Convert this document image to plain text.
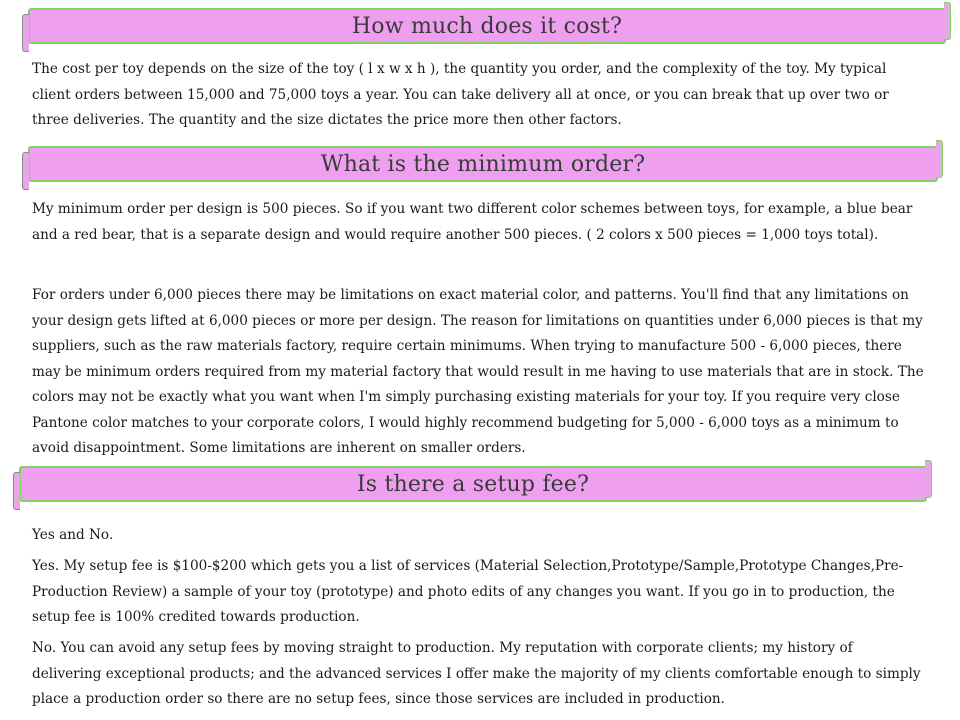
How much does it cost?

The cost per toy depends on the size of the toy ( l x w x h ), the quantity you order, and the complexity of the toy. My typical client orders between 15,000 and 75,000 toys a year. You can take delivery all at once, or you can break that up over two or three deliveries. The quantity and the size dictates the price more then other factors.

What is the minimum order?

My minimum order per design is 500 pieces. So if you want two different color schemes between toys, for example, a blue bear and a red bear, that is a separate design and would require another 500 pieces. ( 2 colors x 500 pieces = 1,000 toys total).

For orders under 6,000 pieces there may be limitations on exact material color, and patterns. You'll find that any limitations on your design gets lifted at 6,000 pieces or more per design. The reason for limitations on quantities under 6,000 pieces is that my suppliers, such as the raw materials factory, require certain minimums. When trying to manufacture 500 - 6,000 pieces, there may be minimum orders required from my material factory that would result in me having to use materials that are in stock. The colors may not be exactly what you want when I'm simply purchasing existing materials for your toy. If you require very close Pantone color matches to your corporate colors, I would highly recommend budgeting for 5,000 - 6,000 toys as a minimum to avoid disappointment. Some limitations are inherent on smaller orders.

Is there a setup fee?

Yes and No.

Yes. My setup fee is $100-$200 which gets you a list of services (Material Selection,Prototype/Sample,Prototype Changes,Pre-Production Review) a sample of your toy (prototype) and photo edits of any changes you want. If you go in to production, the setup fee is 100% credited towards production.

No. You can avoid any setup fees by moving straight to production. My reputation with corporate clients; my history of delivering exceptional products; and the advanced services I offer make the majority of my clients comfortable enough to simply place a production order so there are no setup fees, since those services are included in production.
